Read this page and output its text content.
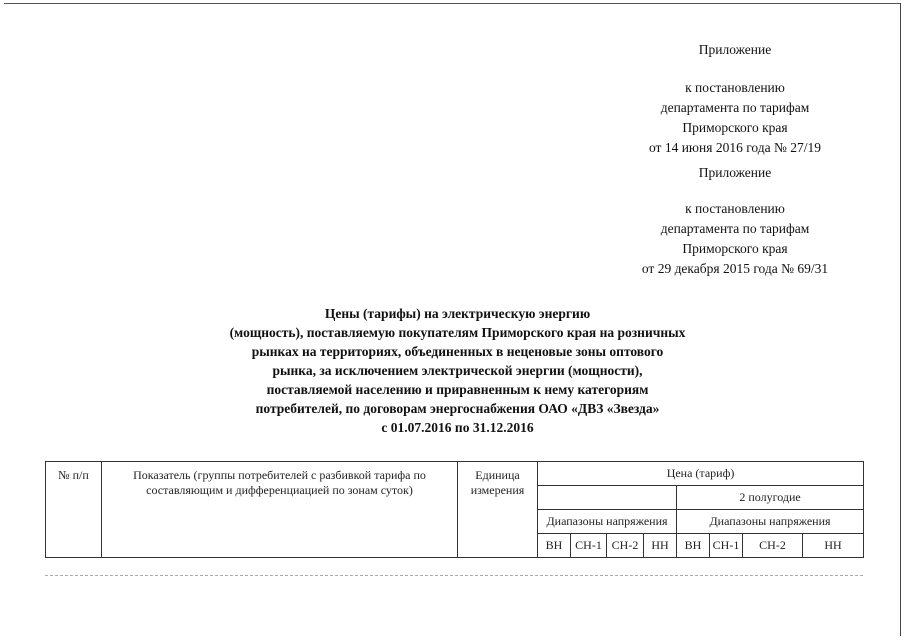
Приложение
к постановлению
департамента по тарифам
Приморского края
от 14 июня 2016 года № 27/19
Приложение
к постановлению
департамента по тарифам
Приморского края
от 29 декабря 2015 года № 69/31
Цены (тарифы) на электрическую энергию
(мощность), поставляемую покупателям Приморского края на розничных
рынках на территориях, объединенных в неценовые зоны оптового
рынка, за исключением электрической энергии (мощности),
поставляемой населению и приравненным к нему категориям
потребителей, по договорам энергоснабжения ОАО «ДВЗ «Звезда»
с 01.07.2016 по 31.12.2016
№ п/п	Показатель (группы потребителей с разбивкой тарифа по составляющим и дифференциацией по зонам суток)	Единица измерения	Цена (тариф)							
							2 полугодие			
			Диапазоны напряжения				Диапазоны напряжения			
			ВН	СН-1	СН-2	НН	ВН	СН-1	СН-2	НН
